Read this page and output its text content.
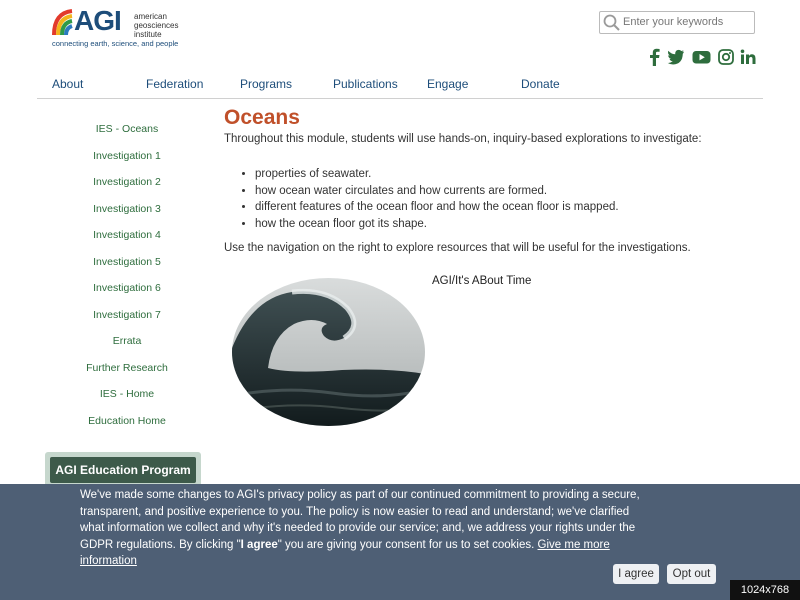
AGI american
geosciences
institute
connecting earth, science, and people
Enter your keywords
About	Federation	Programs	Publications Engage	Donate
IES - Oceans
Investigation 1
Investigation 2
Investigation 3
Investigation 4
Investigation 5
Investigation 6
Investigation 7
Errata
Further Research
IES - Home
Education Home
AGI Education Program
Oceans
Throughout this module, students will use hands-on, inquiry-based explorations to investigate:
• properties of seawater.
• how ocean water circulates and how currents are formed.
• different features of the ocean floor and how the ocean floor is mapped.
• how the ocean floor got its shape.
Use the navigation on the right to explore resources that will be useful for the investigations.
AGI/It's ABout Time
We've made some changes to AGI's privacy policy as part of our continued commitment to providing a secure, transparent, and positive experience to you. The policy is now easier to read and understand; we've clarified what information we collect and why it's needed to provide our service; and, we address your rights under the GDPR regulations. By clicking "I agree" you are giving your consent for us to set cookies. Give me more information
I agree	Opt out
1024x768
